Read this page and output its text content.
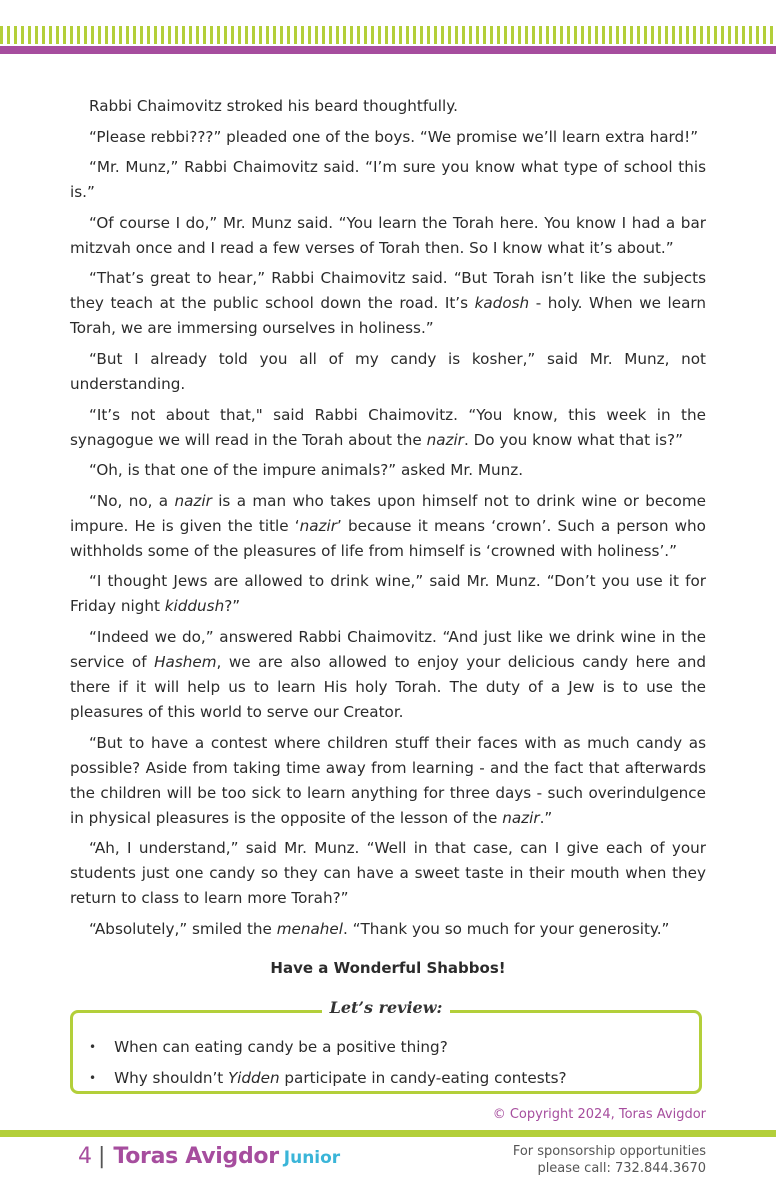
Rabbi Chaimovitz stroked his beard thoughtfully.

“Please rebbi???” pleaded one of the boys. “We promise we’ll learn extra hard!”

“Mr. Munz,” Rabbi Chaimovitz said. “I’m sure you know what type of school this is.”

“Of course I do,” Mr. Munz said. “You learn the Torah here. You know I had a bar mitzvah once and I read a few verses of Torah then. So I know what it’s about.”

“That’s great to hear,” Rabbi Chaimovitz said. “But Torah isn’t like the subjects they teach at the public school down the road. It’s kadosh - holy. When we learn Torah, we are immersing ourselves in holiness.”

“But I already told you all of my candy is kosher,” said Mr. Munz, not understanding.

“It’s not about that," said Rabbi Chaimovitz. “You know, this week in the synagogue we will read in the Torah about the nazir. Do you know what that is?”

“Oh, is that one of the impure animals?” asked Mr. Munz.

“No, no, a nazir is a man who takes upon himself not to drink wine or become impure. He is given the title ‘nazir’ because it means ‘crown’. Such a person who withholds some of the pleasures of life from himself is ‘crowned with holiness’.”

“I thought Jews are allowed to drink wine,” said Mr. Munz. “Don’t you use it for Friday night kiddush?”

“Indeed we do,” answered Rabbi Chaimovitz. “And just like we drink wine in the service of Hashem, we are also allowed to enjoy your delicious candy here and there if it will help us to learn His holy Torah. The duty of a Jew is to use the pleasures of this world to serve our Creator.

“But to have a contest where children stuff their faces with as much candy as possible? Aside from taking time away from learning - and the fact that afterwards the children will be too sick to learn anything for three days - such overindulgence in physical pleasures is the opposite of the lesson of the nazir.”

“Ah, I understand,” said Mr. Munz. “Well in that case, can I give each of your students just one candy so they can have a sweet taste in their mouth when they return to class to learn more Torah?”

“Absolutely,” smiled the menahel. “Thank you so much for your generosity.”

Have a Wonderful Shabbos!
Let’s review:
• When can eating candy be a positive thing?
• Why shouldn’t Yidden participate in candy-eating contests?
© Copyright 2024, Toras Avigdor
4 | Toras Avigdor Junior	For sponsorship opportunities
please call: 732.844.3670
